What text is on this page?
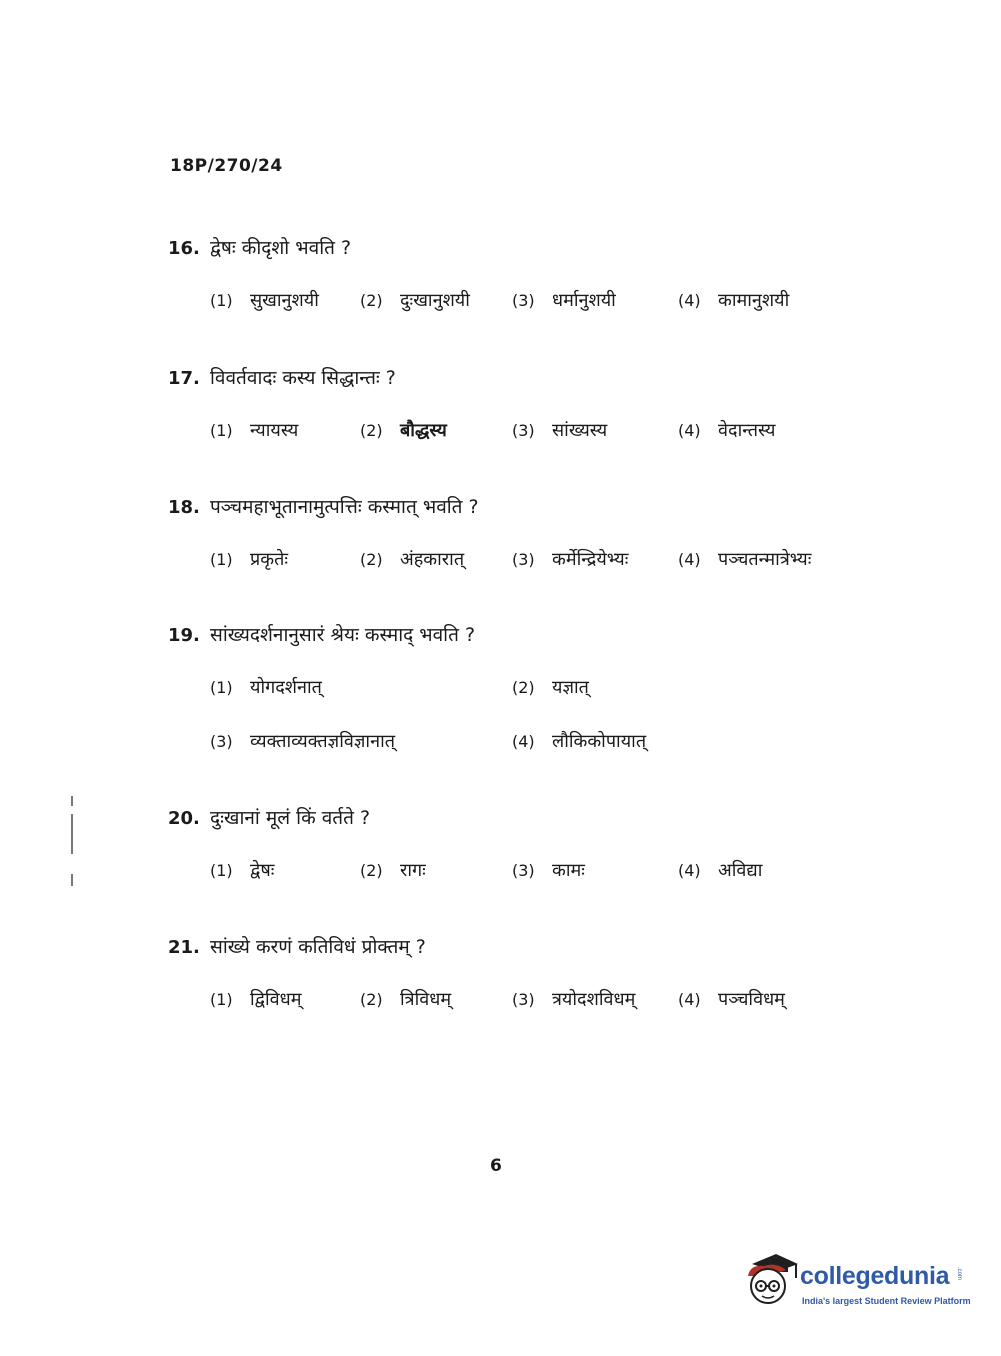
18P/270/24
16. द्वेषः कीदृशो भवति ?
(1) सुखानुशयी	(2) दुःखानुशयी	(3) धर्मानुशयी	(4) कामानुशयी
17. विवर्तवादः कस्य सिद्धान्तः ?
(1) न्यायस्य	(2) बौद्धस्य	(3) सांख्यस्य	(4) वेदान्तस्य
18. पञ्चमहाभूतानामुत्पत्तिः कस्मात् भवति ?
(1) प्रकृतेः	(2) अंहकारात्	(3) कर्मेन्द्रियेभ्यः	(4) पञ्चतन्मात्रेभ्यः
19. सांख्यदर्शनानुसारं श्रेयः कस्माद् भवति ?
(1) योगदर्शनात्	(2) यज्ञात्
(3) व्यक्ताव्यक्तज्ञविज्ञानात्	(4) लौकिकोपायात्
20. दुःखानां मूलं किं वर्तते ?
(1) द्वेषः	(2) रागः	(3) कामः	(4) अविद्या
21. सांख्ये करणं कतिविधं प्रोक्तम् ?
(1) द्विविधम्	(2) त्रिविधम्	(3) त्रयोदशविधम्	(4) पञ्चविधम्
6
collegedunia .com
India's largest Student Review Platform
